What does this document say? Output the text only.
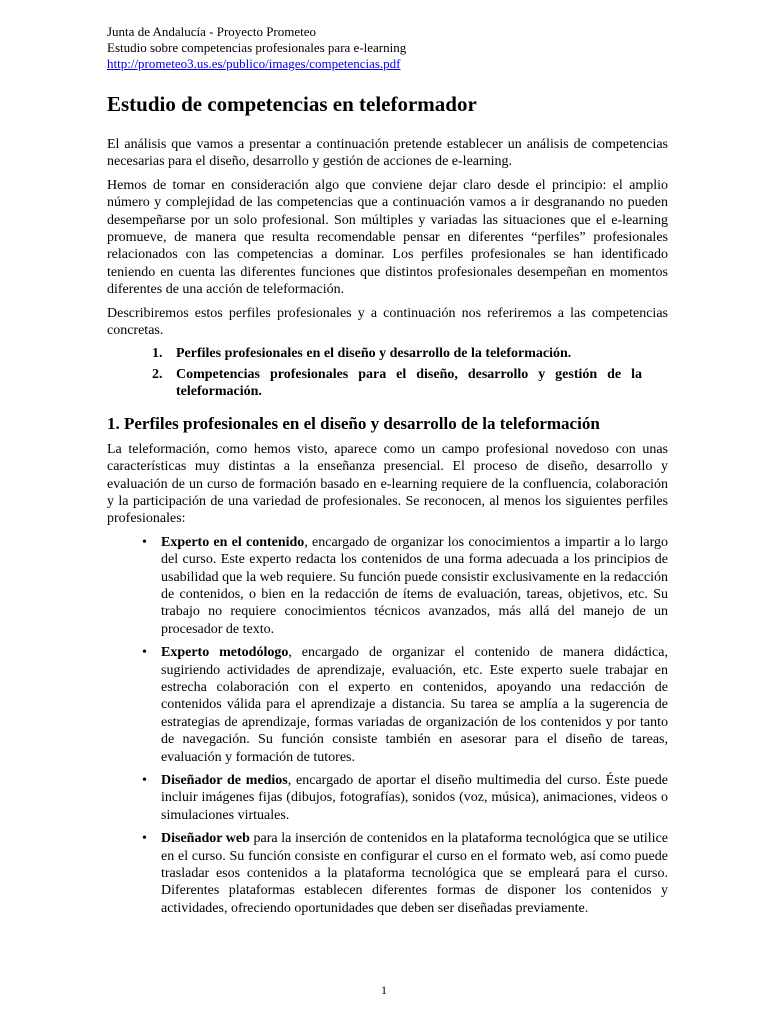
Junta de Andalucía - Proyecto Prometeo
Estudio sobre competencias profesionales para e-learning
http://prometeo3.us.es/publico/images/competencias.pdf
Estudio de competencias en teleformador

El análisis que vamos a presentar a continuación pretende establecer un análisis de competencias necesarias para el diseño, desarrollo y gestión de acciones de e-learning.

Hemos de tomar en consideración algo que conviene dejar claro desde el principio: el amplio número y complejidad de las competencias que a continuación vamos a ir desgranando no pueden desempeñarse por un solo profesional. Son múltiples y variadas las situaciones que el e-learning promueve, de manera que resulta recomendable pensar en diferentes “perfiles” profesionales relacionados con las competencias a dominar. Los perfiles profesionales se han identificado teniendo en cuenta las diferentes funciones que distintos profesionales desempeñan en momentos diferentes de una acción de teleformación.

Describiremos estos perfiles profesionales y a continuación nos referiremos a las competencias concretas.

1. Perfiles profesionales en el diseño y desarrollo de la teleformación.
2. Competencias profesionales para el diseño, desarrollo y gestión de la teleformación.
1. Perfiles profesionales en el diseño y desarrollo de la teleformación

La teleformación, como hemos visto, aparece como un campo profesional novedoso con unas características muy distintas a la enseñanza presencial. El proceso de diseño, desarrollo y evaluación de un curso de formación basado en e-learning requiere de la confluencia, colaboración y la participación de una variedad de profesionales. Se reconocen, al menos los siguientes perfiles profesionales:

•	Experto en el contenido, encargado de organizar los conocimientos a impartir a lo largo del curso. Este experto redacta los contenidos de una forma adecuada a los principios de usabilidad que la web requiere. Su función puede consistir exclusivamente en la redacción de contenidos, o bien en la redacción de ítems de evaluación, tareas, objetivos, etc. Su trabajo no requiere conocimientos técnicos avanzados, más allá del manejo de un procesador de texto.
•	Experto metodólogo, encargado de organizar el contenido de manera didáctica, sugiriendo actividades de aprendizaje, evaluación, etc. Este experto suele trabajar en estrecha colaboración con el experto en contenidos, apoyando una redacción de contenidos válida para el aprendizaje a distancia. Su tarea se amplía a la sugerencia de estrategias de aprendizaje, formas variadas de organización de los contenidos y por tanto de navegación. Su función consiste también en asesorar para el diseño de tareas, evaluación y formación de tutores.
•	Diseñador de medios, encargado de aportar el diseño multimedia del curso. Éste puede incluir imágenes fijas (dibujos, fotografías), sonidos (voz, música), animaciones, videos o simulaciones virtuales.
•	Diseñador web para la inserción de contenidos en la plataforma tecnológica que se utilice en el curso. Su función consiste en configurar el curso en el formato web, así como puede trasladar esos contenidos a la plataforma tecnológica que se empleará para el curso. Diferentes plataformas establecen diferentes formas de disponer los contenidos y actividades, ofreciendo oportunidades que deben ser diseñadas previamente.
1
